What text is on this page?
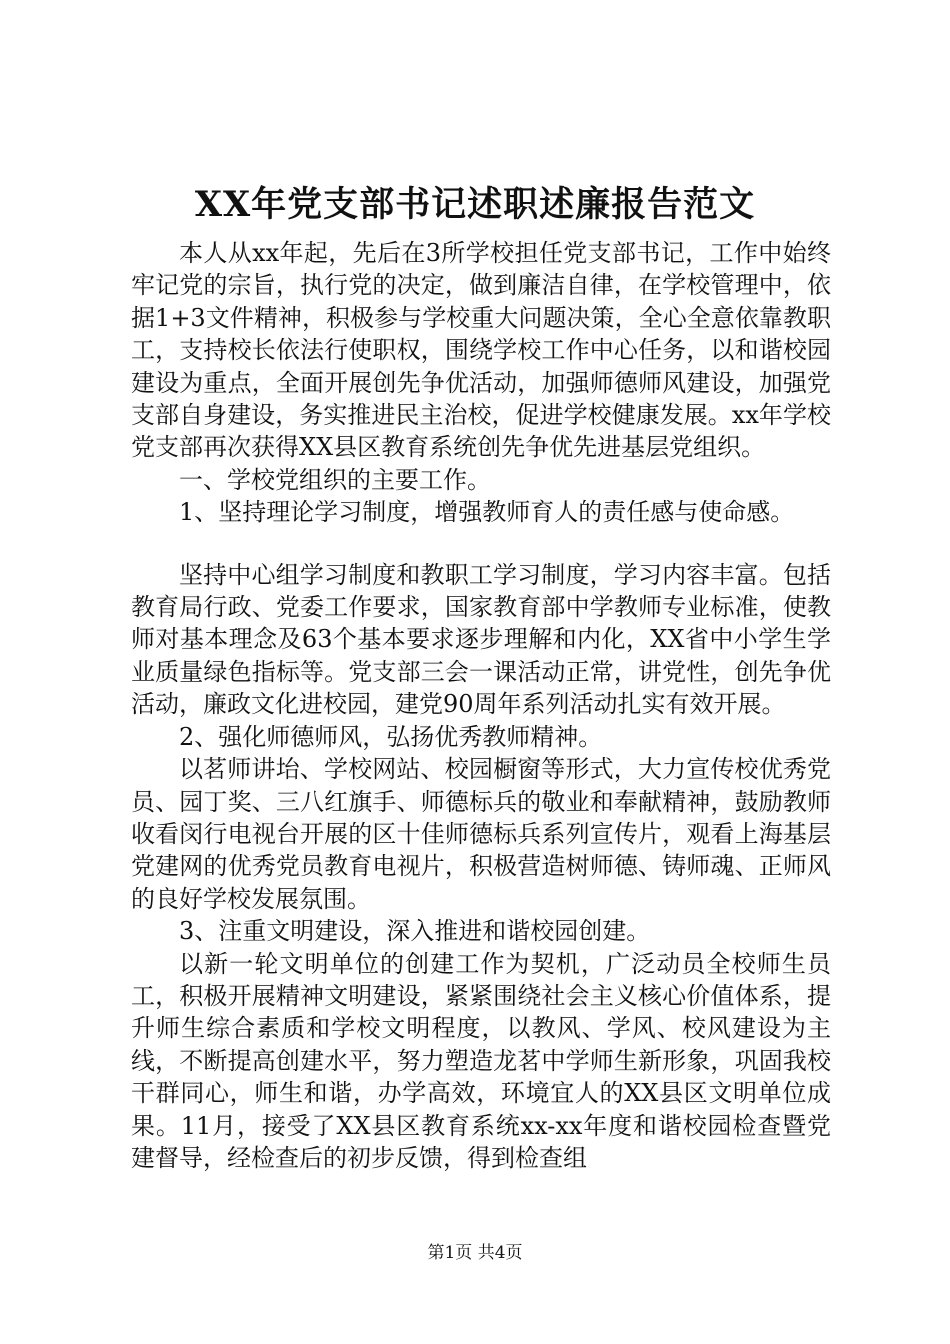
XX年党支部书记述职述廉报告范文

本人从xx年起，先后在3所学校担任党支部书记，工作中始终牢记党的宗旨，执行党的决定，做到廉洁自律，在学校管理中，依据1+3文件精神，积极参与学校重大问题决策，全心全意依靠教职工，支持校长依法行使职权，围绕学校工作中心任务，以和谐校园建设为重点，全面开展创先争优活动，加强师德师风建设，加强党支部自身建设，务实推进民主治校，促进学校健康发展。xx年学校党支部再次获得XX县区教育系统创先争优先进基层党组织。

一、学校党组织的主要工作。

1、坚持理论学习制度，增强教师育人的责任感与使命感。

坚持中心组学习制度和教职工学习制度，学习内容丰富。包括教育局行政、党委工作要求，国家教育部中学教师专业标准，使教师对基本理念及63个基本要求逐步理解和内化，XX省中小学生学业质量绿色指标等。党支部三会一课活动正常，讲党性，创先争优活动，廉政文化进校园，建党90周年系列活动扎实有效开展。

2、强化师德师风，弘扬优秀教师精神。

以茗师讲坮、学校网站、校园橱窗等形式，大力宣传校优秀党员、园丁奖、三八红旗手、师德标兵的敬业和奉献精神，鼓励教师收看闵行电视台开展的区十佳师德标兵系列宣传片，观看上海基层党建网的优秀党员教育电视片，积极营造树师德、铸师魂、正师风的良好学校发展氛围。

3、注重文明建设，深入推进和谐校园创建。

以新一轮文明单位的创建工作为契机，广泛动员全校师生员工，积极开展精神文明建设，紧紧围绕社会主义核心价值体系，提升师生综合素质和学校文明程度，以教风、学风、校风建设为主线，不断提高创建水平，努力塑造龙茗中学师生新形象，巩固我校干群同心，师生和谐，办学高效，环境宜人的XX县区文明单位成果。11月，接受了XX县区教育系统xx-xx年度和谐校园检查暨党建督导，经检查后的初步反馈，得到检查组

第1页 共4页
